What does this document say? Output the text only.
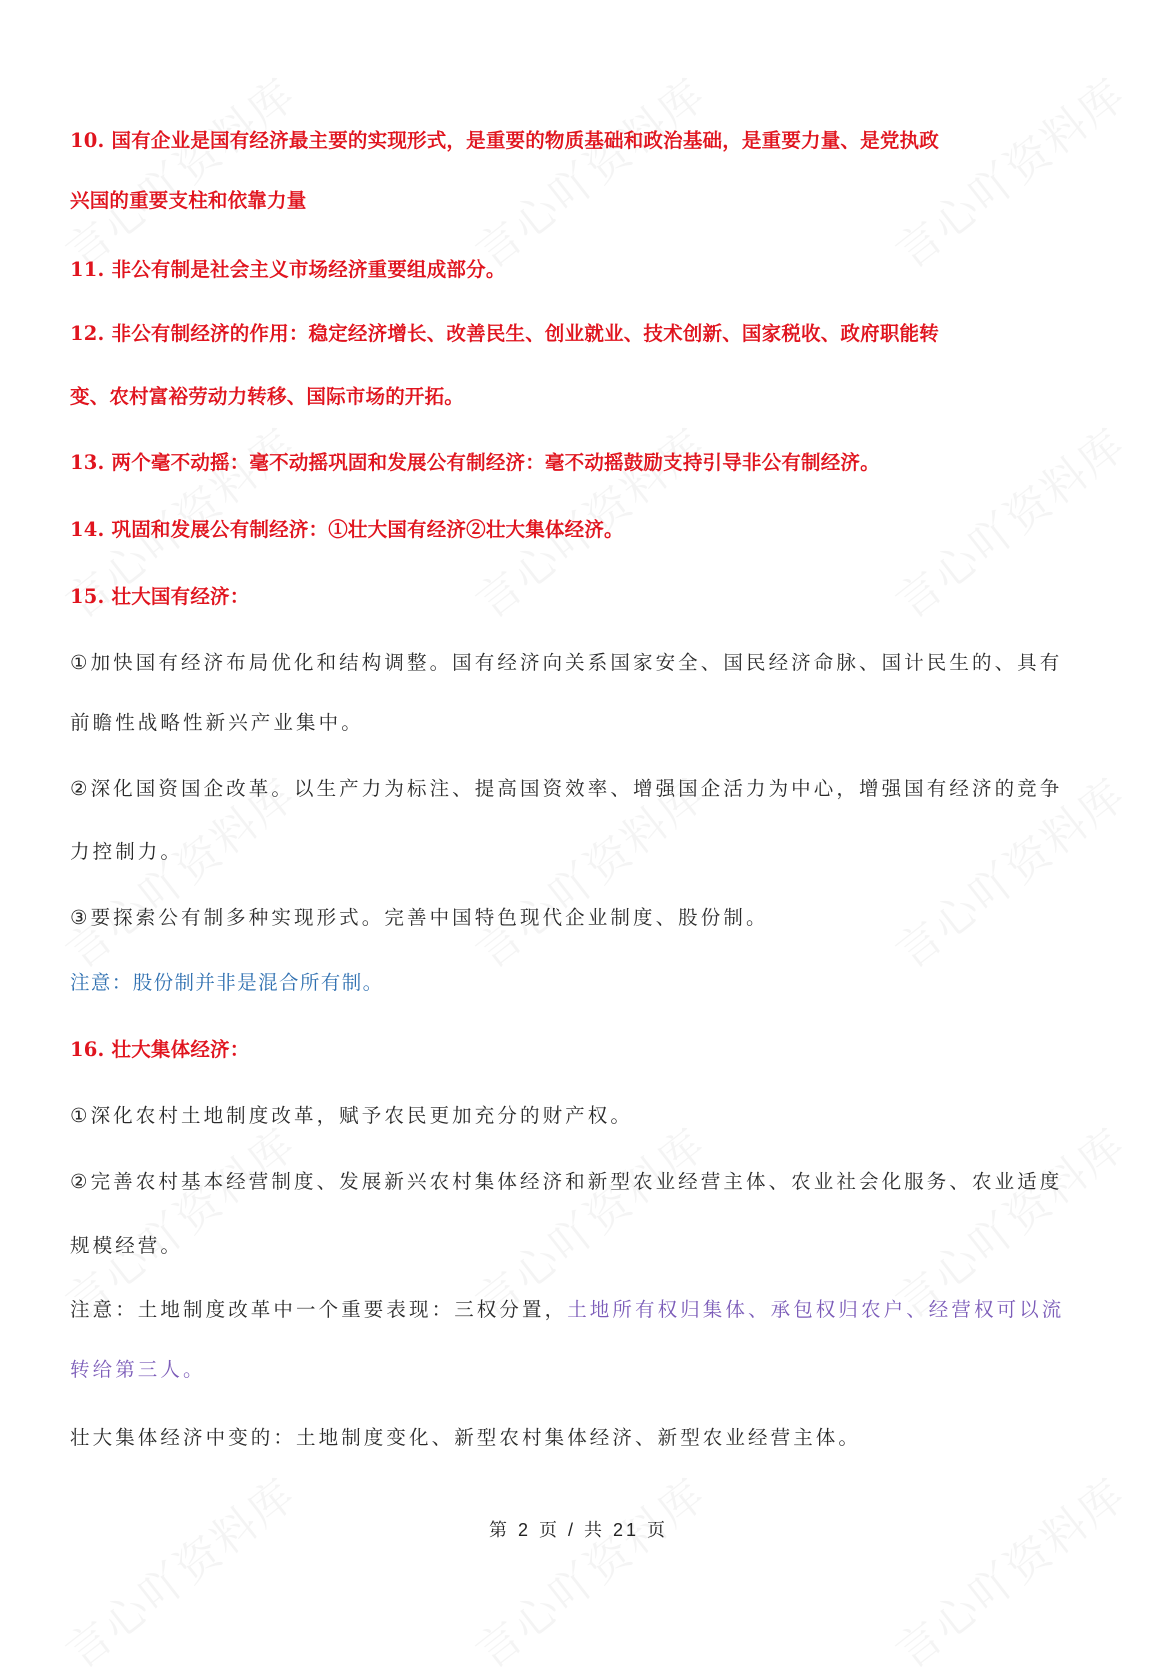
10. 国有企业是国有经济最主要的实现形式，是重要的物质基础和政治基础，是重要力量、是党执政
兴国的重要支柱和依靠力量
11. 非公有制是社会主义市场经济重要组成部分。
12. 非公有制经济的作用：稳定经济增长、改善民生、创业就业、技术创新、国家税收、政府职能转
变、农村富裕劳动力转移、国际市场的开拓。
13. 两个毫不动摇：毫不动摇巩固和发展公有制经济：毫不动摇鼓励支持引导非公有制经济。
14. 巩固和发展公有制经济：①壮大国有经济②壮大集体经济。
15. 壮大国有经济：
①加快国有经济布局优化和结构调整。国有经济向关系国家安全、国民经济命脉、国计民生的、具有
前瞻性战略性新兴产业集中。
②深化国资国企改革。以生产力为标注、提高国资效率、增强国企活力为中心，增强国有经济的竞争
力控制力。
③要探索公有制多种实现形式。完善中国特色现代企业制度、股份制。
注意：股份制并非是混合所有制。
16. 壮大集体经济：
①深化农村土地制度改革，赋予农民更加充分的财产权。
②完善农村基本经营制度、发展新兴农村集体经济和新型农业经营主体、农业社会化服务、农业适度
规模经营。
注意：土地制度改革中一个重要表现：三权分置，土地所有权归集体、承包权归农户、经营权可以流
转给第三人。
壮大集体经济中变的：土地制度变化、新型农村集体经济、新型农业经营主体。
第 2 页 / 共 21 页
